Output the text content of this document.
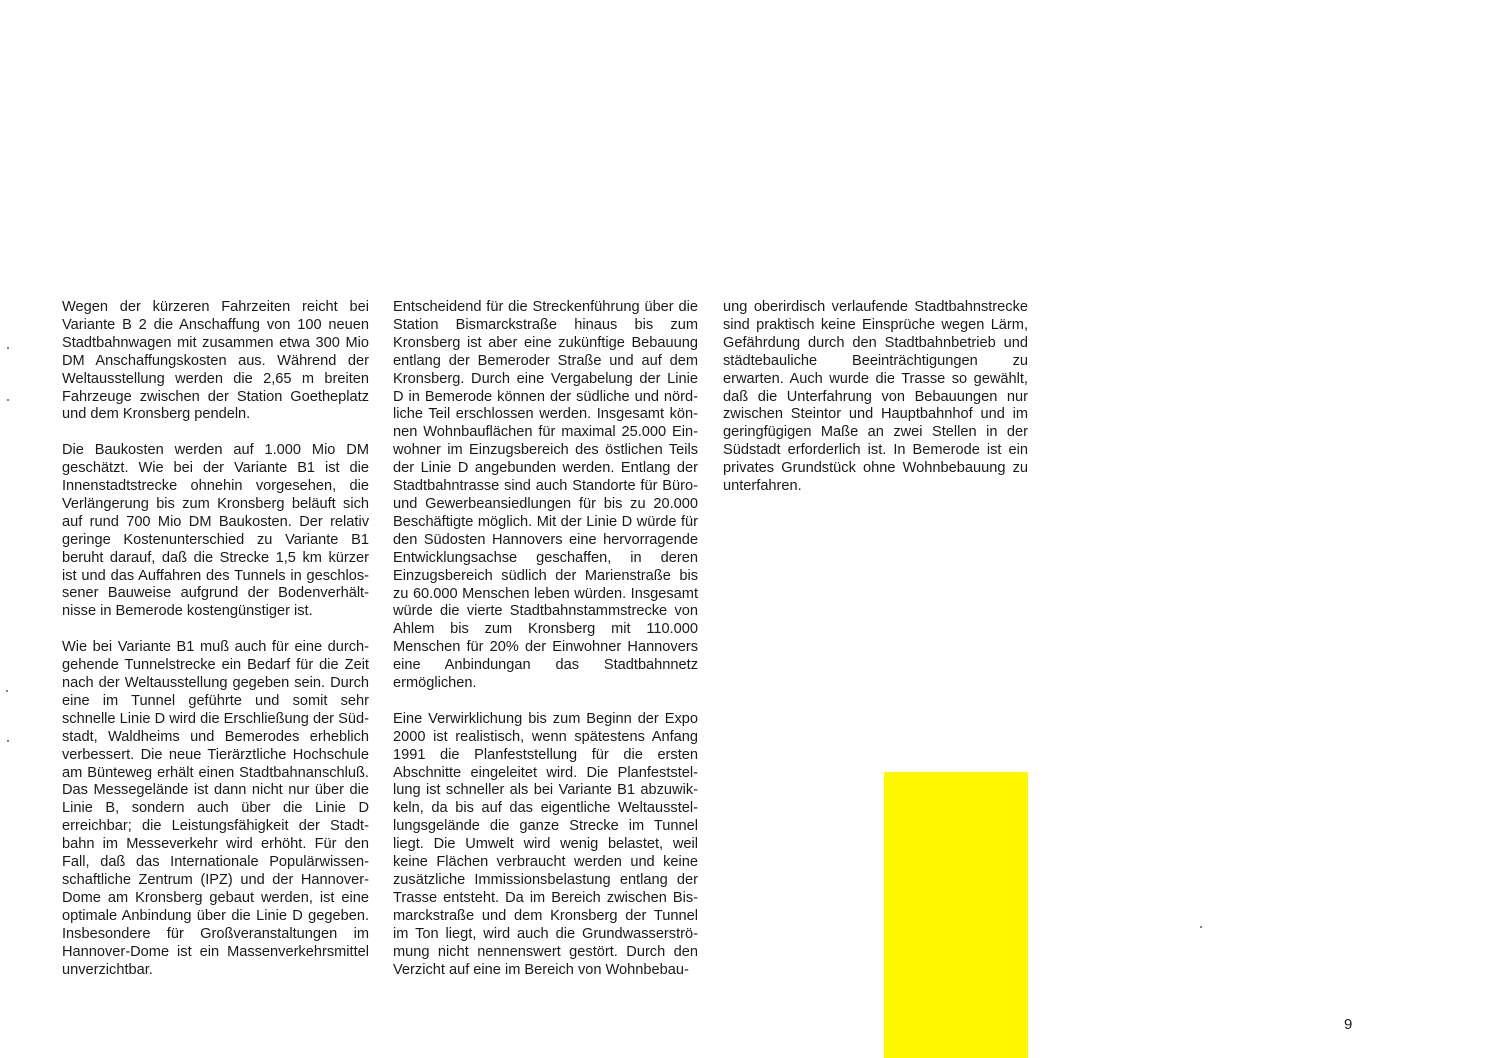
Wegen der kürzeren Fahrzeiten reicht bei Variante B 2 die Anschaffung von 100 neuen Stadtbahnwagen mit zusammen etwa 300 Mio DM Anschaffungskosten aus. Während der Weltausstellung werden die 2,65 m breiten Fahrzeuge zwischen der Station Goetheplatz und dem Kronsberg pendeln.

Die Baukosten werden auf 1.000 Mio DM geschätzt. Wie bei der Variante B1 ist die Innenstadtstrecke ohnehin vorgesehen, die Verlängerung bis zum Kronsberg beläuft sich auf rund 700 Mio DM Baukosten. Der relativ geringe Kostenunterschied zu Variante B1 beruht darauf, daß die Strecke 1,5 km kürzer ist und das Auffahren des Tunnels in geschlossener Bauweise aufgrund der Bodenverhältnisse in Bemerode kostengünstiger ist.

Wie bei Variante B1 muß auch für eine durchgehende Tunnelstrecke ein Bedarf für die Zeit nach der Weltausstellung gegeben sein. Durch eine im Tunnel geführte und somit sehr schnelle Linie D wird die Erschließung der Südstadt, Waldheims und Bemerodes erheblich verbessert. Die neue Tierärztliche Hochschule am Bünteweg erhält einen Stadtbahnanschluß. Das Messegelände ist dann nicht nur über die Linie B, sondern auch über die Linie D erreichbar; die Leistungsfähigkeit der Stadtbahn im Messeverkehr wird erhöht. Für den Fall, daß das Internationale Populärwissenschaftliche Zentrum (IPZ) und der Hannover-Dome am Kronsberg gebaut werden, ist eine optimale Anbindung über die Linie D gegeben. Insbesondere für Großveranstaltungen im Hannover-Dome ist ein Massenverkehrsmittel unverzichtbar.

Entscheidend für die Streckenführung über die Station Bismarckstraße hinaus bis zum Kronsberg ist aber eine zukünftige Bebauung entlang der Bemeroder Straße und auf dem Kronsberg. Durch eine Vergabelung der Linie D in Bemerode können der südliche und nördliche Teil erschlossen werden. Insgesamt können Wohnbauflächen für maximal 25.000 Einwohner im Einzugsbereich des östlichen Teils der Linie D angebunden werden. Entlang der Stadtbahntrasse sind auch Standorte für Büro- und Gewerbeansiedlungen für bis zu 20.000 Beschäftigte möglich. Mit der Linie D würde für den Südosten Hannovers eine hervorragende Entwicklungsachse geschaffen, in deren Einzugsbereich südlich der Marienstraße bis zu 60.000 Menschen leben würden. Insgesamt würde die vierte Stadtbahnstammstrecke von Ahlem bis zum Kronsberg mit 110.000 Menschen für 20% der Einwohner Hannovers eine Anbindungan das Stadtbahnnetz ermöglichen.

Eine Verwirklichung bis zum Beginn der Expo 2000 ist realistisch, wenn spätestens Anfang 1991 die Planfeststellung für die ersten Abschnitte eingeleitet wird. Die Planfeststellung ist schneller als bei Variante B1 abzuwikkeln, da bis auf das eigentliche Weltausstellungsgelände die ganze Strecke im Tunnel liegt. Die Umwelt wird wenig belastet, weil keine Flächen verbraucht werden und keine zusätzliche Immissionsbelastung entlang der Trasse entsteht. Da im Bereich zwischen Bismarckstraße und dem Kronsberg der Tunnel im Ton liegt, wird auch die Grundwasserströmung nicht nennenswert gestört. Durch den Verzicht auf eine im Bereich von Wohnbebau-

ung oberirdisch verlaufende Stadtbahnstrecke sind praktisch keine Einsprüche wegen Lärm, Gefährdung durch den Stadtbahnbetrieb und städtebauliche Beeinträchtigungen zu erwarten. Auch wurde die Trasse so gewählt, daß die Unterfahrung von Bebauungen nur zwischen Steintor und Hauptbahnhof und im geringfügigen Maße an zwei Stellen in der Südstadt erforderlich ist. In Bemerode ist ein privates Grundstück ohne Wohnbebauung zu unterfahren.

9
